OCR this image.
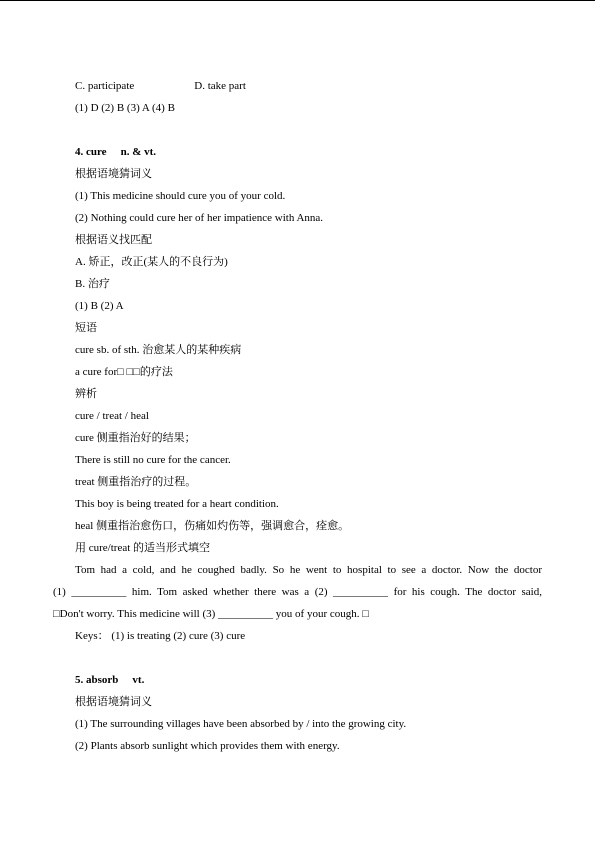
C. participate	D. take part
(1) D (2) B (3) A (4) B
4. cure n. & vt.
根据语境猜词义
(1) This medicine should cure you of your cold.
(2) Nothing could cure her of her impatience with Anna.
根据语义找匹配
A. 矫正，改正(某人的不良行为)
B. 治疗
(1) B (2) A
短语
cure sb. of sth. 治愈某人的某种疾病
a cure for□ □□的疗法
辨析
cure / treat / heal
cure 侧重指治好的结果；
There is still no cure for the cancer.
treat 侧重指治疗的过程。
This boy is being treated for a heart condition.
heal 侧重指治愈伤口，伤痛如灼伤等，强调愈合，痊愈。
用 cure/treat 的适当形式填空
Tom had a cold, and he coughed badly. So he went to hospital to see a doctor. Now the doctor
(1) __________ him. Tom asked whether there was a (2) __________ for his cough. The doctor said,
□Don't worry. This medicine will (3) __________ you of your cough. □
Keys： (1) is treating (2) cure (3) cure
5. absorb vt.
根据语境猜词义
(1) The surrounding villages have been absorbed by / into the growing city.
(2) Plants absorb sunlight which provides them with energy.
